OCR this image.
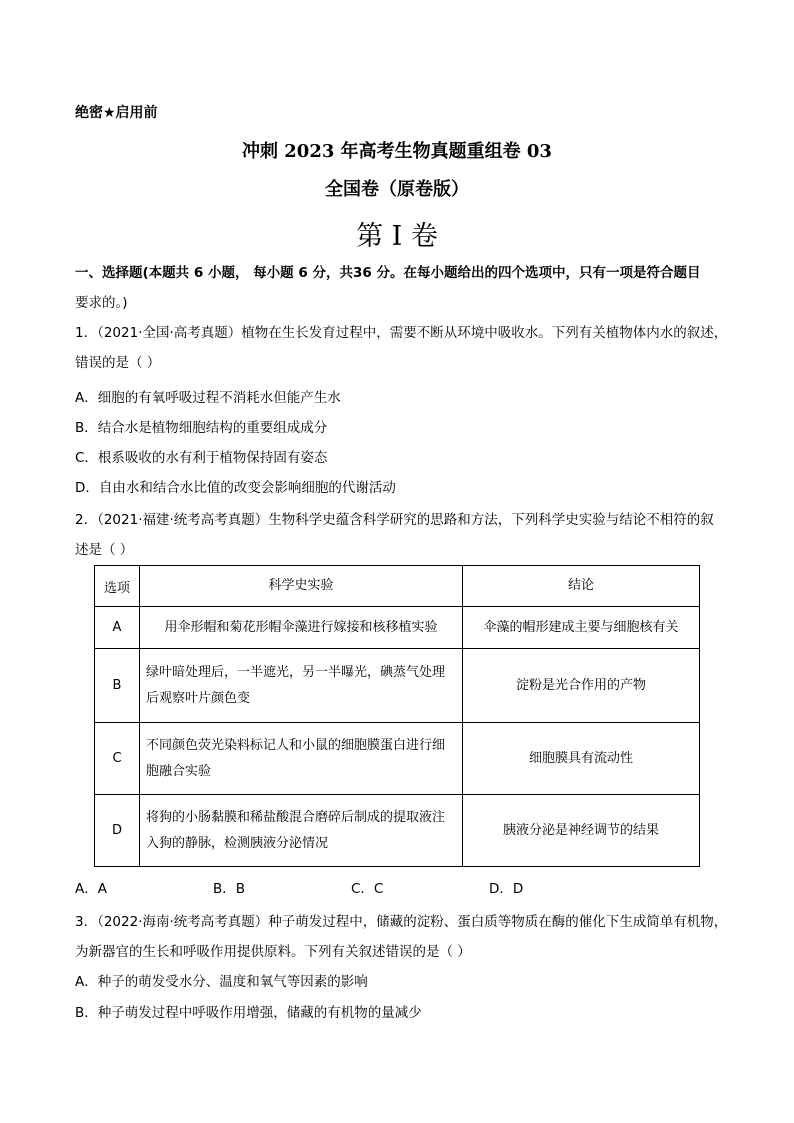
绝密★启用前
冲刺 2023 年高考生物真题重组卷 03
全国卷（原卷版）
第 I 卷
一、选择题(本题共 6 小题， 每小题 6 分，共36 分。在每小题给出的四个选项中，只有一项是符合题目
要求的。)
1．（2021·全国·高考真题）植物在生长发育过程中，需要不断从环境中吸收水。下列有关植物体内水的叙述，
错误的是（ ）
A．细胞的有氧呼吸过程不消耗水但能产生水
B．结合水是植物细胞结构的重要组成成分
C．根系吸收的水有利于植物保持固有姿态
D．自由水和结合水比值的改变会影响细胞的代谢活动
2．（2021·福建·统考高考真题）生物科学史蕴含科学研究的思路和方法，下列科学史实验与结论不相符的叙
述是（ ）
选项	科学史实验	结论
A	用伞形帽和菊花形帽伞藻进行嫁接和核移植实验	伞藻的帽形建成主要与细胞核有关
B	绿叶暗处理后，一半遮光，另一半曝光，碘蒸气处理后观察叶片颜色变	淀粉是光合作用的产物
C	不同颜色荧光染料标记人和小鼠的细胞膜蛋白进行细胞融合实验	细胞膜具有流动性
D	将狗的小肠黏膜和稀盐酸混合磨碎后制成的提取液注入狗的静脉，检测胰液分泌情况	胰液分泌是神经调节的结果
A．A	B．B	C．C	D．D
3．（2022·海南·统考高考真题）种子萌发过程中，储藏的淀粉、蛋白质等物质在酶的催化下生成简单有机物，
为新器官的生长和呼吸作用提供原料。下列有关叙述错误的是（ ）
A．种子的萌发受水分、温度和氧气等因素的影响
B．种子萌发过程中呼吸作用增强，储藏的有机物的量减少
